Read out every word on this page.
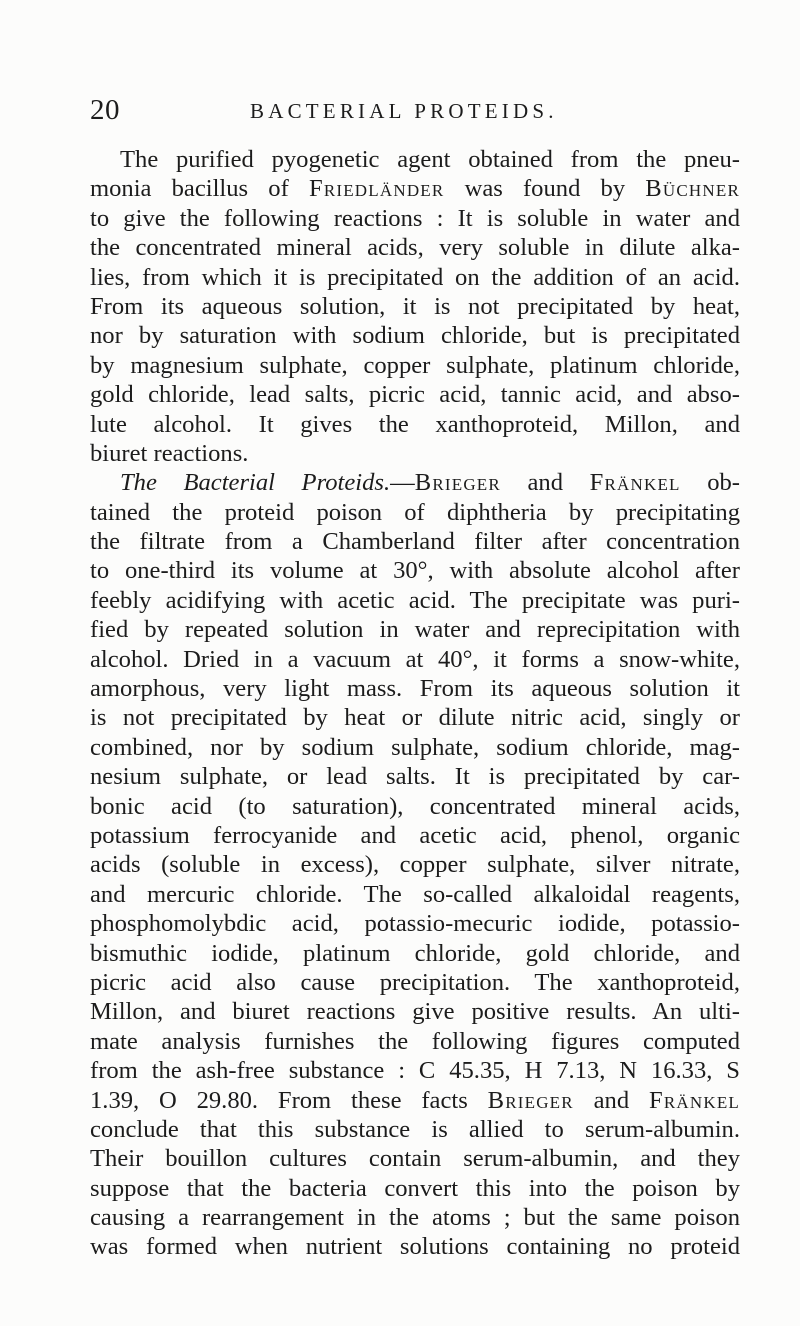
20	BACTERIAL PROTEIDS.
The purified pyogenetic agent obtained from the pneu-
monia bacillus of Friedländer was found by Büchner
to give the following reactions : It is soluble in water and
the concentrated mineral acids, very soluble in dilute alka-
lies, from which it is precipitated on the addition of an acid.
From its aqueous solution, it is not precipitated by heat,
nor by saturation with sodium chloride, but is precipitated
by magnesium sulphate, copper sulphate, platinum chloride,
gold chloride, lead salts, picric acid, tannic acid, and abso-
lute alcohol. It gives the xanthoproteid, Millon, and
biuret reactions.
The Bacterial Proteids.—Brieger and Fränkel ob-
tained the proteid poison of diphtheria by precipitating
the filtrate from a Chamberland filter after concentration
to one-third its volume at 30°, with absolute alcohol after
feebly acidifying with acetic acid. The precipitate was puri-
fied by repeated solution in water and reprecipitation with
alcohol. Dried in a vacuum at 40°, it forms a snow-white,
amorphous, very light mass. From its aqueous solution it
is not precipitated by heat or dilute nitric acid, singly or
combined, nor by sodium sulphate, sodium chloride, mag-
nesium sulphate, or lead salts. It is precipitated by car-
bonic acid (to saturation), concentrated mineral acids,
potassium ferrocyanide and acetic acid, phenol, organic
acids (soluble in excess), copper sulphate, silver nitrate,
and mercuric chloride. The so-called alkaloidal reagents,
phosphomolybdic acid, potassio-mecuric iodide, potassio-
bismuthic iodide, platinum chloride, gold chloride, and
picric acid also cause precipitation. The xanthoproteid,
Millon, and biuret reactions give positive results. An ulti-
mate analysis furnishes the following figures computed
from the ash-free substance : C 45.35, H 7.13, N 16.33, S
1.39, O 29.80. From these facts Brieger and Fränkel
conclude that this substance is allied to serum-albumin.
Their bouillon cultures contain serum-albumin, and they
suppose that the bacteria convert this into the poison by
causing a rearrangement in the atoms ; but the same poison
was formed when nutrient solutions containing no proteid
